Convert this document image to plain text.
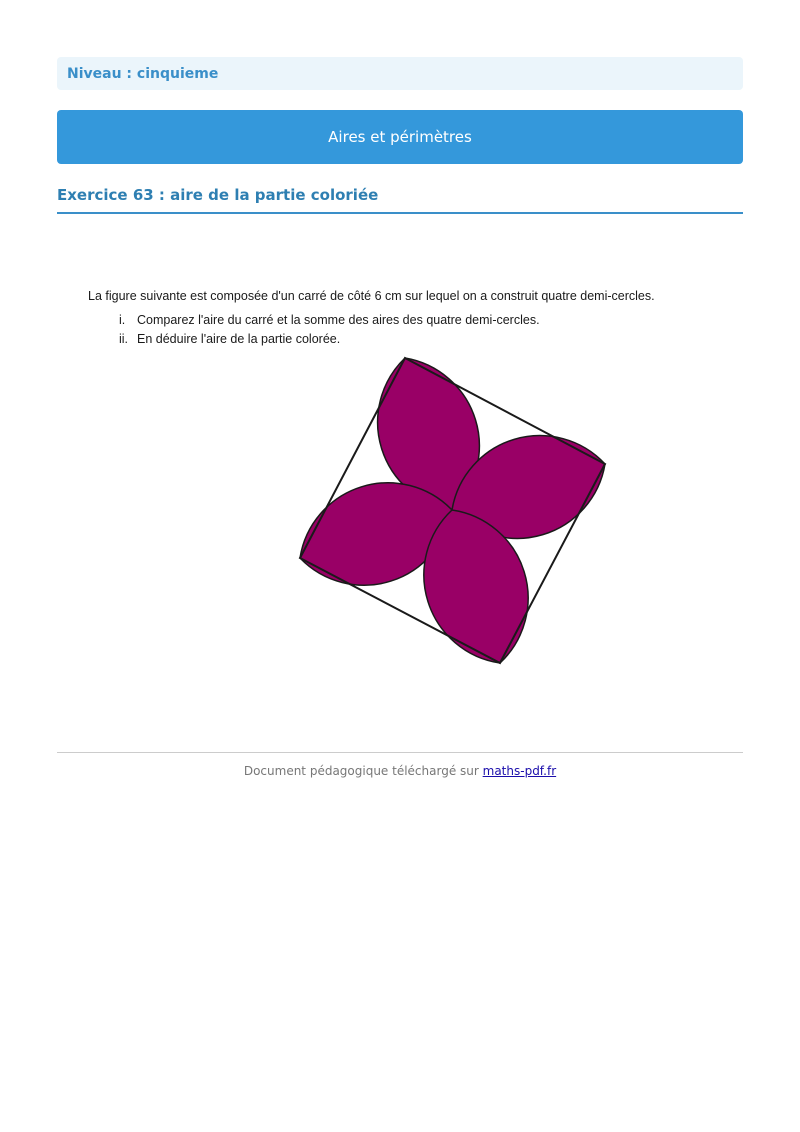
Niveau : cinquieme
Aires et périmètres
Exercice 63 : aire de la partie coloriée

La figure suivante est composée d'un carré de côté 6 cm sur lequel on a construit quatre demi-cercles.

i. Comparez l'aire du carré et la somme des aires des quatre demi-cercles.
ii. En déduire l'aire de la partie colorée.
Document pédagogique téléchargé sur maths-pdf.fr
